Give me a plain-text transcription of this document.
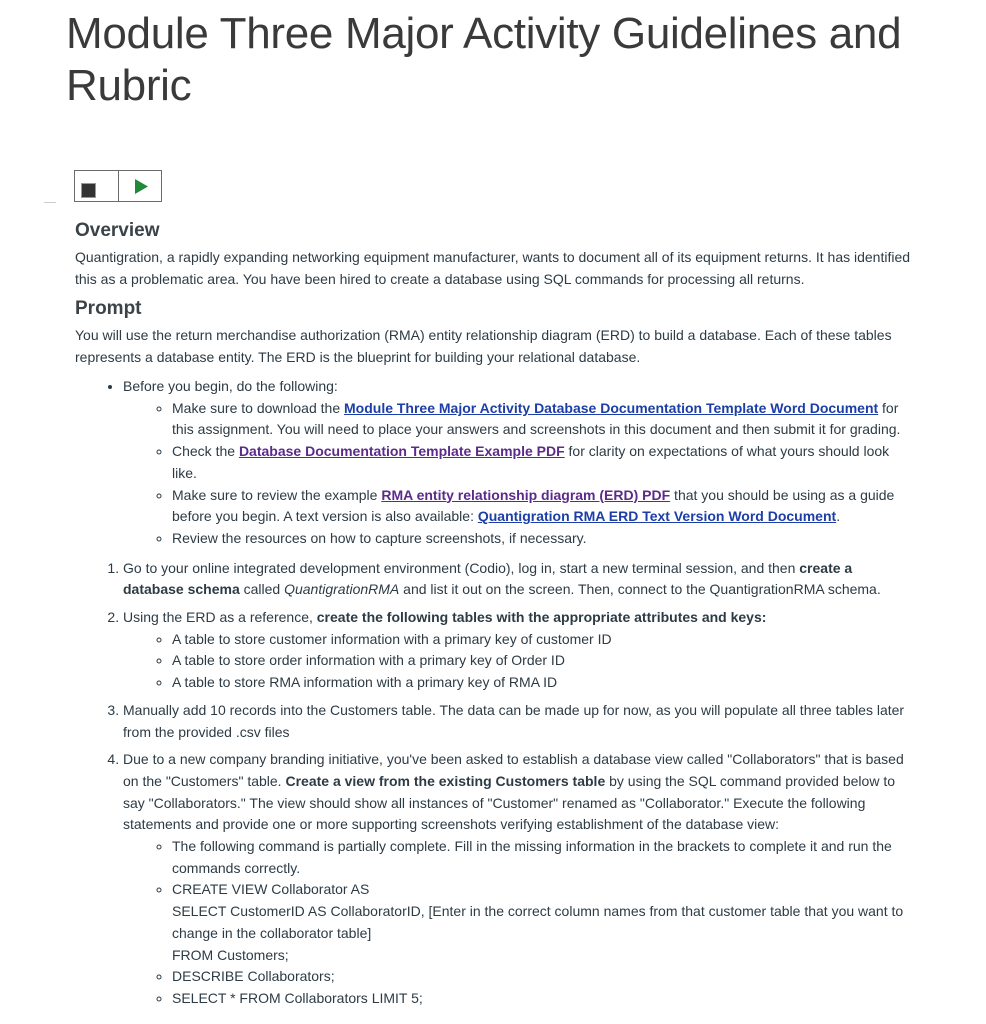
Module Three Major Activity Guidelines and Rubric
Overview

Quantigration, a rapidly expanding networking equipment manufacturer, wants to document all of its equipment returns. It has identified this as a problematic area. You have been hired to create a database using SQL commands for processing all returns.

Prompt

You will use the return merchandise authorization (RMA) entity relationship diagram (ERD) to build a database. Each of these tables represents a database entity. The ERD is the blueprint for building your relational database.

• Before you begin, do the following:
◦ Make sure to download the Module Three Major Activity Database Documentation Template Word Document for this assignment. You will need to place your answers and screenshots in this document and then submit it for grading.
◦ Check the Database Documentation Template Example PDF for clarity on expectations of what yours should look like.
◦ Make sure to review the example RMA entity relationship diagram (ERD) PDF that you should be using as a guide before you begin. A text version is also available: Quantigration RMA ERD Text Version Word Document.
◦ Review the resources on how to capture screenshots, if necessary.
1. Go to your online integrated development environment (Codio), log in, start a new terminal session, and then create a database schema called QuantigrationRMA and list it out on the screen. Then, connect to the QuantigrationRMA schema.
2. Using the ERD as a reference, create the following tables with the appropriate attributes and keys:
◦ A table to store customer information with a primary key of customer ID
◦ A table to store order information with a primary key of Order ID
◦ A table to store RMA information with a primary key of RMA ID
3. Manually add 10 records into the Customers table. The data can be made up for now, as you will populate all three tables later from the provided .csv files
4. Due to a new company branding initiative, you've been asked to establish a database view called "Collaborators" that is based on the "Customers" table. Create a view from the existing Customers table by using the SQL command provided below to say "Collaborators." The view should show all instances of "Customer" renamed as "Collaborator." Execute the following statements and provide one or more supporting screenshots verifying establishment of the database view:
◦ The following command is partially complete. Fill in the missing information in the brackets to complete it and run the commands correctly.
◦ CREATE VIEW Collaborator AS
SELECT CustomerID AS CollaboratorID, [Enter in the correct column names from that customer table that you want to change in the collaborator table]
FROM Customers;
◦ DESCRIBE Collaborators;
◦ SELECT * FROM Collaborators LIMIT 5;
